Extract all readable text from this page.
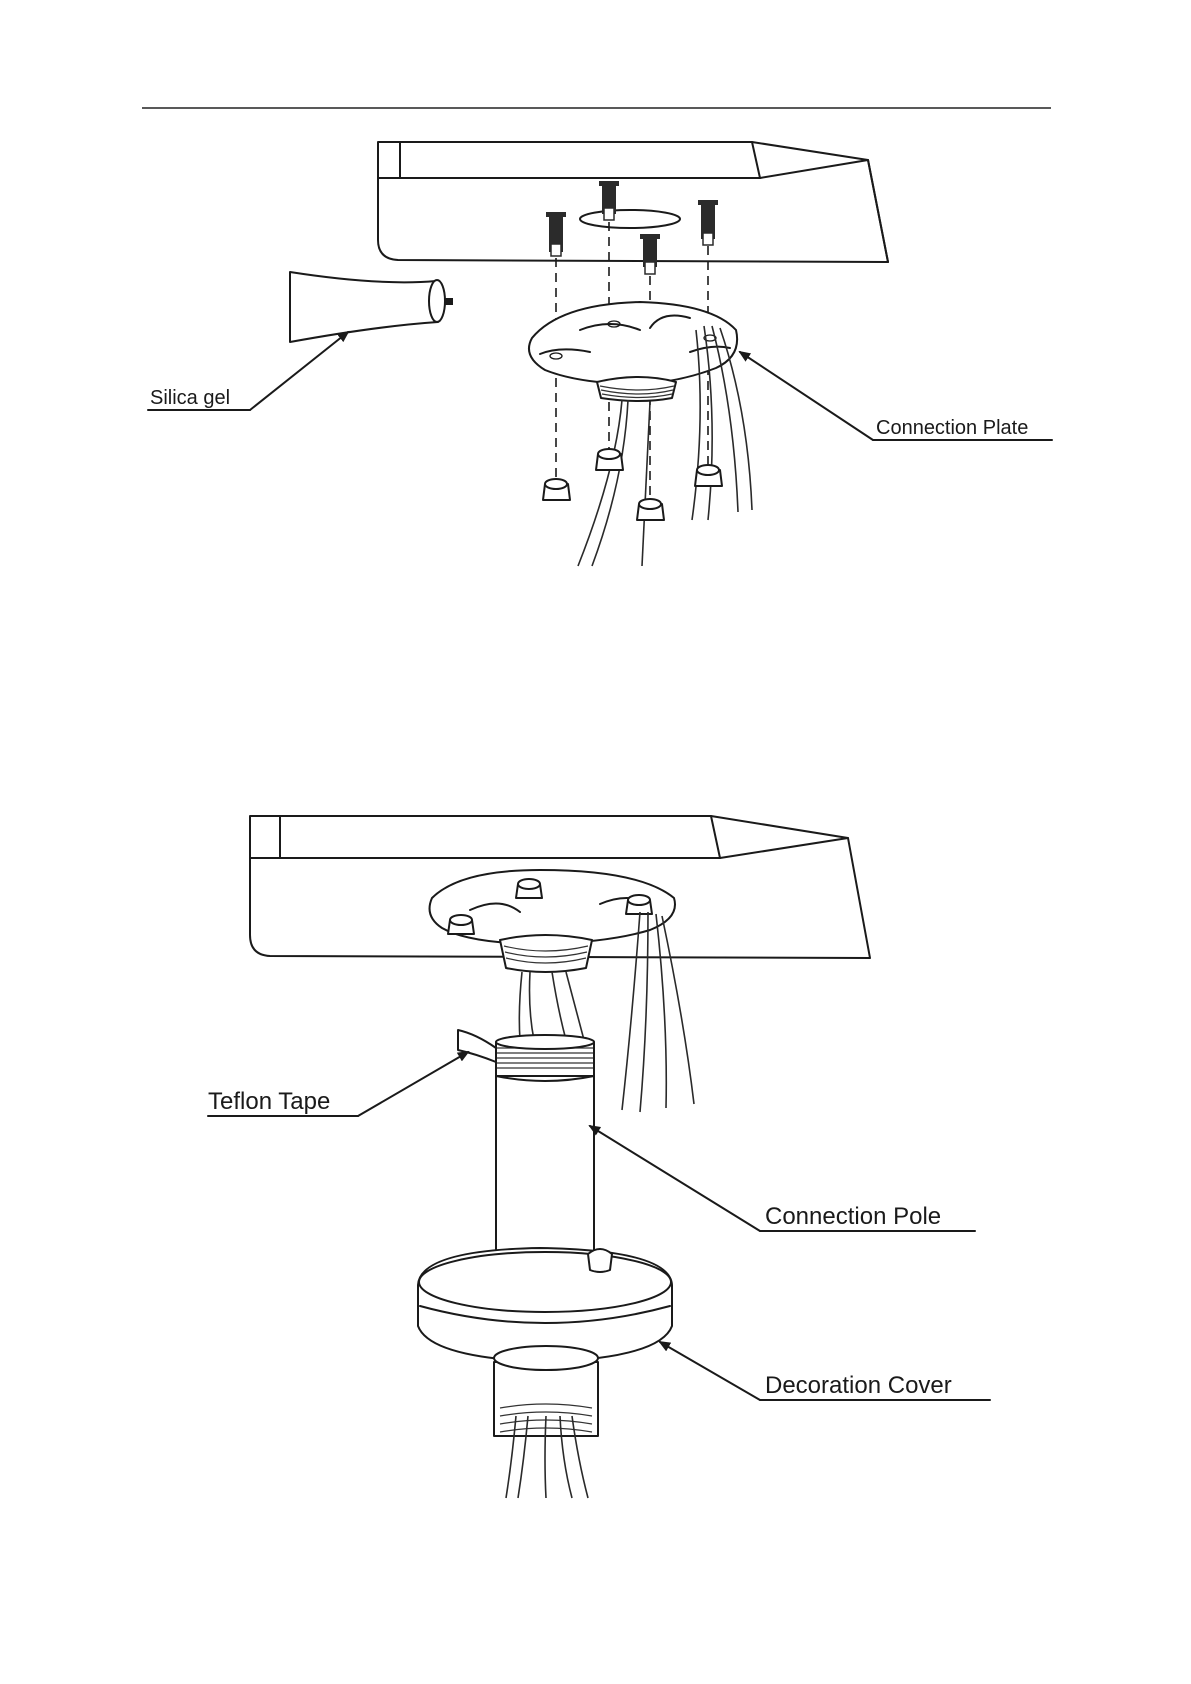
Silica gel
Connection Plate
Teflon Tape
Connection Pole
Decoration Cover
